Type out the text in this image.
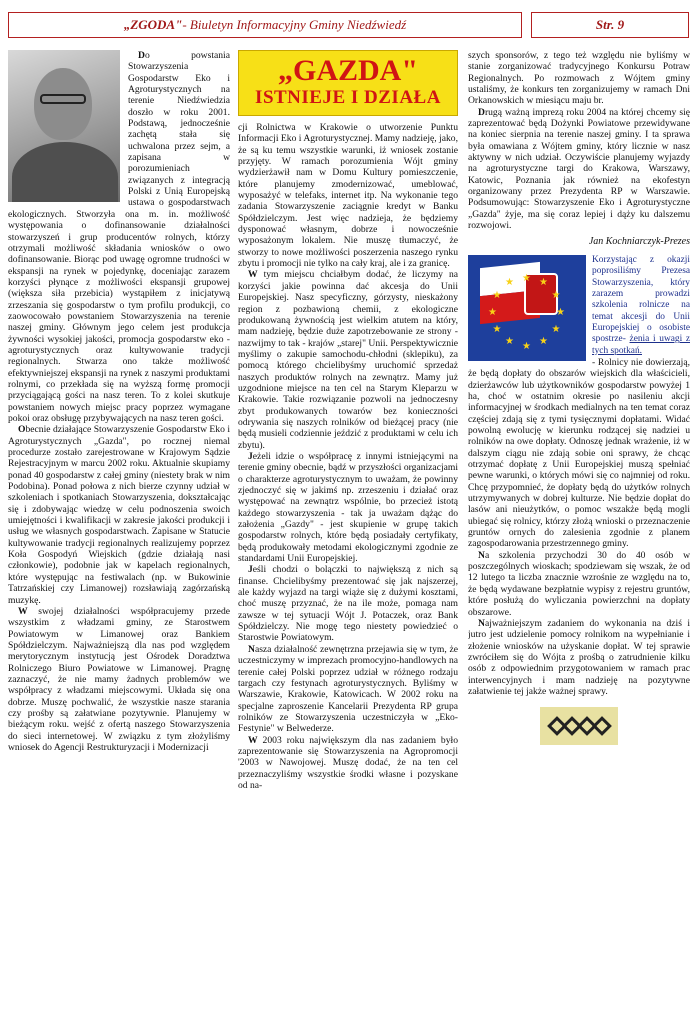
„ZGODA" - Biuletyn Informacyjny Gminy Niedźwiedź	Str. 9

Do powstania Stowarzyszenia Gospodarstw Eko i Agroturystycznych na terenie Niedźwiedzia doszło w roku 2001. Podstawą, jednocześnie zachętą stała się uchwalona przez sejm, a zapisana w porozumieniach związanych z integracją Polski z Unią Europejską ustawa o gospodarstwach ekologicznych. Stworzyła ona m. in. możliwość występowania o dofinansowanie działalności stowarzyszeń i grup producentów rolnych, którzy otrzymali możliwość składania wniosków o owo dofinansowanie. Biorąc pod uwagę ogromne trudności w ekspansji na rynek w pojedynkę, doceniając zarazem korzyści płynące z możliwości ekspansji grupowej (większa siła przebicia) wystąpiłem z inicjatywą zrzeszania się gospodarstw o tym profilu produkcji, co zaowocowało powstaniem Stowarzyszenia na terenie naszej gminy. Głównym jego celem jest produkcja żywności wysokiej jakości, promocja gospodarstw eko - agroturystycznych oraz kultywowanie tradycji regionalnych. Stwarza ono także możliwość efektywniejszej ekspansji na rynek z naszymi produktami rolnymi, co przekłada się na wyższą formę promocji przyciągającą gości na nasz teren. To z kolei skutkuje powstaniem nowych miejsc pracy poprzez wymagane pokoi oraz obsługę przybywających na nasz teren gości.

Obecnie działające Stowarzyszenie Gospodarstw Eko i Agroturystycznych „Gazda", po rocznej niemal procedurze zostało zarejestrowane w Krajowym Sądzie Rejestracyjnym w marcu 2002 roku. Aktualnie skupiamy ponad 40 gospodarstw z całej gminy (niestety brak w nim Podobina). Ponad połowa z nich bierze czynny udział w szkoleniach i spotkaniach Stowarzyszenia, dokształcając się i zdobywając wiedzę w celu podnoszenia swoich umiejętności i kwalifikacji w zakresie jakości produkcji i usług we własnych gospodarstwach. Zapisane w Statucie kultywowanie tradycji regionalnych realizujemy poprzez Koła Gospodyń Wiejskich (gdzie działają nasi członkowie), podobnie jak w kapelach regionalnych, które występując na festiwalach (np. w Bukowinie Tatrzańskiej czy Limanowej) rozsławiają zagórzańską muzykę.

W swojej działalności współpracujemy przede wszystkim z władzami gminy, ze Starostwem Powiatowym w Limanowej oraz Bankiem Spółdzielczym. Najważniejszą dla nas pod względem merytorycznym instytucją jest Ośrodek Doradztwa Rolniczego Biuro Powiatowe w Limanowej. Pragnę zaznaczyć, że nie mamy żadnych problemów we współpracy z władzami miejscowymi. Układa się ona dobrze. Muszę pochwalić, że wszystkie nasze starania czy prośby są załatwiane pozytywnie. Planujemy w bieżącym roku. wejść z ofertą naszego Stowarzyszenia do sieci internetowej. W związku z tym złożyliśmy wniosek do Agencji Restrukturyzacji i Modernizacji

„GAZDA"
ISTNIEJE I DZIAŁA

cji Rolnictwa w Krakowie o utworzenie Punktu Informacji Eko i Agroturystycznej. Mamy nadzieję, jako, że są ku temu wszystkie warunki, iż wniosek zostanie przyjęty. W ramach porozumienia Wójt gminy wydzierżawił nam w Domu Kultury pomieszczenie, które planujemy zmodernizować, umeblować, wyposażyć w telefaks, internet itp. Na wykonanie tego zadania Stowarzyszenie zaciągnie kredyt w Banku Spółdzielczym. Jest więc nadzieja, że będziemy dysponować własnym, dobrze i nowocześnie wyposażonym lokalem. Nie muszę tłumaczyć, że stworzy to nowe możliwości poszerzenia naszego rynku zbytu i promocji nie tylko na cały kraj, ale i za granicę.

W tym miejscu chciałbym dodać, że liczymy na korzyści jakie powinna dać akcesja do Unii Europejskiej. Nasz specyficzny, górzysty, nieskażony region z pozbawioną chemii, z ekologiczne produkowaną żywnością jest wielkim atutem na który, mam nadzieję, będzie duże zapotrzebowanie ze strony - nazwijmy to tak - krajów „starej" Unii. Perspektywicznie myślimy o zakupie samochodu-chłodni (sklepiku), za pomocą którego chcielibyśmy uruchomić sprzedaż naszych produktów rolnych na zewnątrz. Mamy już uzgodnione miejsce na ten cel na Starym Kleparzu w Krakowie. Takie rozwiązanie pozwoli na jednoczesny zbyt produkowanych towarów bez konieczności odrywania się naszych rolników od bieżącej pracy (nie będą musieli codziennie jeździć z produktami w celu ich zbytu).

Jeżeli idzie o współpracę z innymi istniejącymi na terenie gminy obecnie, bądź w przyszłości organizacjami o charakterze agroturystycznym to uważam, że powinny zjednoczyć się w jakimś np. zrzeszeniu i działać oraz występować na zewnątrz wspólnie, bo przecież istotą każdego stowarzyszenia - tak ja uważam dążąc do założenia „Gazdy" - jest skupienie w grupę takich gospodarstw rolnych, które będą posiadały certyfikaty, będą produkowały metodami ekologicznymi zgodnie ze standardami Unii Europejskiej.

Jeśli chodzi o bolączki to największą z nich są finanse. Chcielibyśmy prezentować się jak najszerzej, ale każdy wyjazd na targi wiąże się z dużymi kosztami, choć muszę przyznać, że na ile może, pomaga nam zawsze w tej sytuacji Wójt J. Potaczek, oraz Bank Spółdzielczy. Nie mogę tego niestety powiedzieć o Starostwie Powiatowym.

Nasza działalność zewnętrzna przejawia się w tym, że uczestniczymy w imprezach promocyjno-handlowych na terenie całej Polski poprzez udział w różnego rodzaju targach czy festynach agroturystycznych. Byliśmy w Warszawie, Krakowie, Katowicach. W 2002 roku na specjalne zaproszenie Kancelarii Prezydenta RP grupa rolników ze Stowarzyszenia uczestniczyła w „Eko-Festynie" w Belwederze.

W 2003 roku największym dla nas zadaniem było zaprezentowanie się Stowarzyszenia na Agropromocji '2003 w Nawojowej. Muszę dodać, że na ten cel przeznaczyliśmy wszystkie środki własne i pozyskane od na-

szych sponsorów, z tego też względu nie byliśmy w stanie zorganizować tradycyjnego Konkursu Potraw Regionalnych. Po rozmowach z Wójtem gminy ustaliśmy, że konkurs ten zorganizujemy w ramach Dni Orkanowskich w miesiącu maju br.

Drugą ważną imprezą roku 2004 na której chcemy się zaprezentować będą Dożynki Powiatowe przewidywane na koniec sierpnia na terenie naszej gminy. I ta sprawa była omawiana z Wójtem gminy, który licznie w nasz aktywny w nich udział. Oczywiście planujemy wyjazdy na agroturystyczne targi do Krakowa, Warszawy, Katowic, Poznania jak również na ekofestyn organizowany przez Prezydenta RP w Warszawie. Podsumowując: Stowarzyszenie Eko i Agroturystyczne „Gazda" żyje, ma się coraz lepiej i dąży ku dalszemu rozwojowi.

Jan Kochniarczyk-Prezes
★
★
★
★
★
★
★
★
★ ★ ★
★
Korzystając z okazji poprosiliśmy Prezesa Stowarzyszenia, który zarazem prowadzi szkolenia rolnicze na temat akcesji do Unii Europejskiej o osobiste spostrze- żenia i uwagi z tych spotkań.

- Rolnicy nie dowierzają, że będą dopłaty do obszarów wiejskich dla właścicieli, dzierżawców lub użytkowników gospodarstw powyżej 1 ha, choć w ostatnim okresie po nasileniu akcji informacyjnej w środkach medialnych na ten temat coraz częściej zdają się z tymi tysięcznymi dopłatami. Widać powolną ewolucję w kierunku rodzącej się nadziei u rolników na owe dopłaty. Odnoszę jednak wrażenie, iż w dalszym ciągu nie zdają sobie oni sprawy, że chcąc otrzymać dopłatę z Unii Europejskiej muszą spełniać pewne warunki, o których mówi się co najmniej od roku. Chcę przypomnieć, że dopłaty będą do użytków rolnych utrzymywanych w dobrej kulturze. Nie będzie dopłat do lasów ani nieużytków, o pomoc wszakże będą mogli ubiegać się rolnicy, którzy złożą wnioski o przeznaczenie gruntów ornych do zalesienia zgodnie z planem zagospodarowania przestrzennego gminy.

Na szkolenia przychodzi 30 do 40 osób w poszczególnych wioskach; spodziewam się wszak, że od 12 lutego ta liczba znacznie wzrośnie ze względu na to, że będą wydawane bezpłatnie wypisy z rejestru gruntów, które posłużą do wyliczania powierzchni na dopłaty obszarowe.

Najważniejszym zadaniem do wykonania na dziś i jutro jest udzielenie pomocy rolnikom na wypełnianie i złożenie wniosków na użyskanie dopłat. W tej sprawie zwróciłem się do Wójta z prośbą o zatrudnienie kilku osób z odpowiednim przygotowaniem w ramach prac interwencyjnych i mam nadzieję na pozytywne załatwienie tej jakże ważnej sprawy.
